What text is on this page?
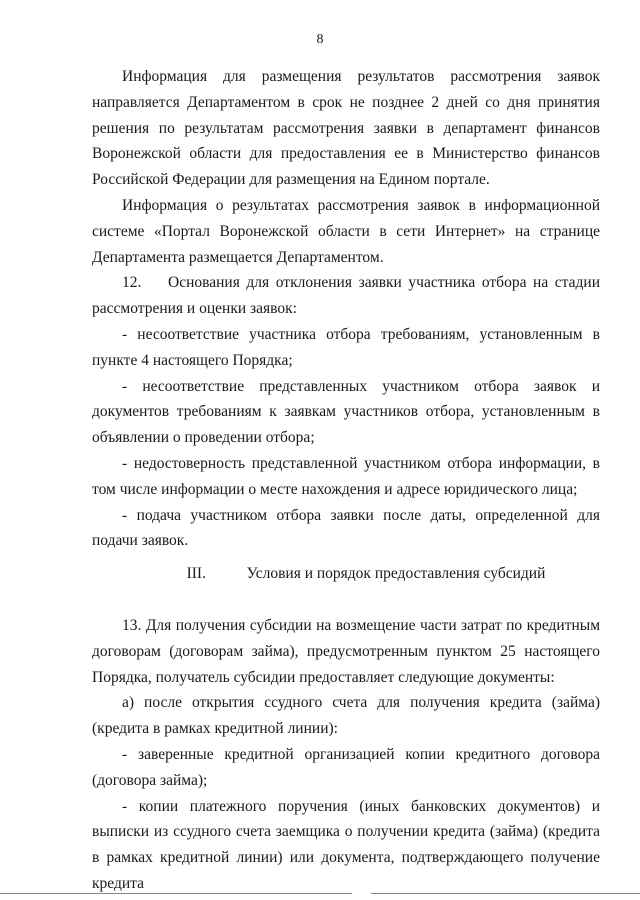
8

Информация для размещения результатов рассмотрения заявок направляется Департаментом в срок не позднее 2 дней со дня принятия решения по результатам рассмотрения заявки в департамент финансов Воронежской области для предоставления ее в Министерство финансов Российской Федерации для размещения на Едином портале.

Информация о результатах рассмотрения заявок в информационной системе «Портал Воронежской области в сети Интернет» на странице Департамента размещается Департаментом.

12. Основания для отклонения заявки участника отбора на стадии рассмотрения и оценки заявок:

- несоответствие участника отбора требованиям, установленным в пункте 4 настоящего Порядка;

- несоответствие представленных участником отбора заявок и документов требованиям к заявкам участников отбора, установленным в объявлении о проведении отбора;

- недостоверность представленной участником отбора информации, в том числе информации о месте нахождения и адресе юридического лица;

- подача участником отбора заявки после даты, определенной для подачи заявок.

III.	Условия и порядок предоставления субсидий

13. Для получения субсидии на возмещение части затрат по кредитным договорам (договорам займа), предусмотренным пунктом 25 настоящего Порядка, получатель субсидии предоставляет следующие документы:

а) после открытия ссудного счета для получения кредита (займа) (кредита в рамках кредитной линии):

- заверенные кредитной организацией копии кредитного договора (договора займа);

- копии платежного поручения (иных банковских документов) и выписки из ссудного счета заемщика о получении кредита (займа) (кредита в рамках кредитной линии) или документа, подтверждающего получение кредита
